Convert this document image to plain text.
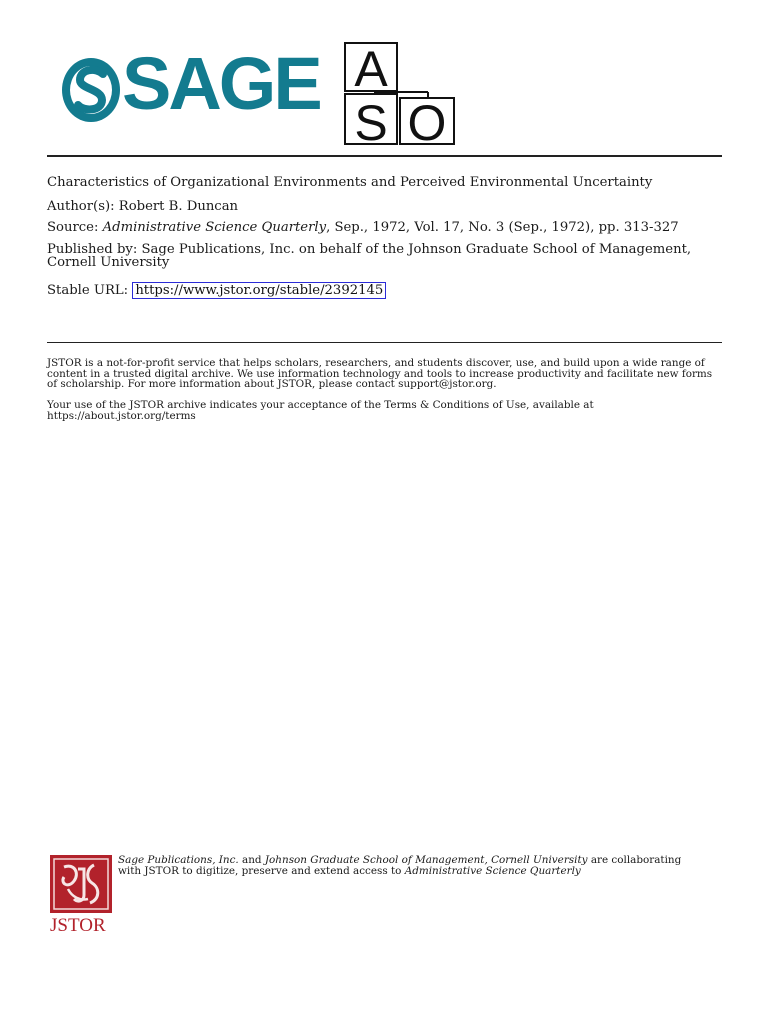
SAGE A
S O
Characteristics of Organizational Environments and Perceived Environmental Uncertainty
Author(s): Robert B. Duncan
Source: Administrative Science Quarterly, Sep., 1972, Vol. 17, No. 3 (Sep., 1972), pp. 313-327
Published by: Sage Publications, Inc. on behalf of the Johnson Graduate School of Management, Cornell University
Stable URL: https://www.jstor.org/stable/2392145
JSTOR is a not-for-profit service that helps scholars, researchers, and students discover, use, and build upon a wide range of content in a trusted digital archive. We use information technology and tools to increase productivity and facilitate new forms of scholarship. For more information about JSTOR, please contact support@jstor.org.
Your use of the JSTOR archive indicates your acceptance of the Terms & Conditions of Use, available at https://about.jstor.org/terms
JSTOR
Sage Publications, Inc. and Johnson Graduate School of Management, Cornell University are collaborating with JSTOR to digitize, preserve and extend access to Administrative Science Quarterly
